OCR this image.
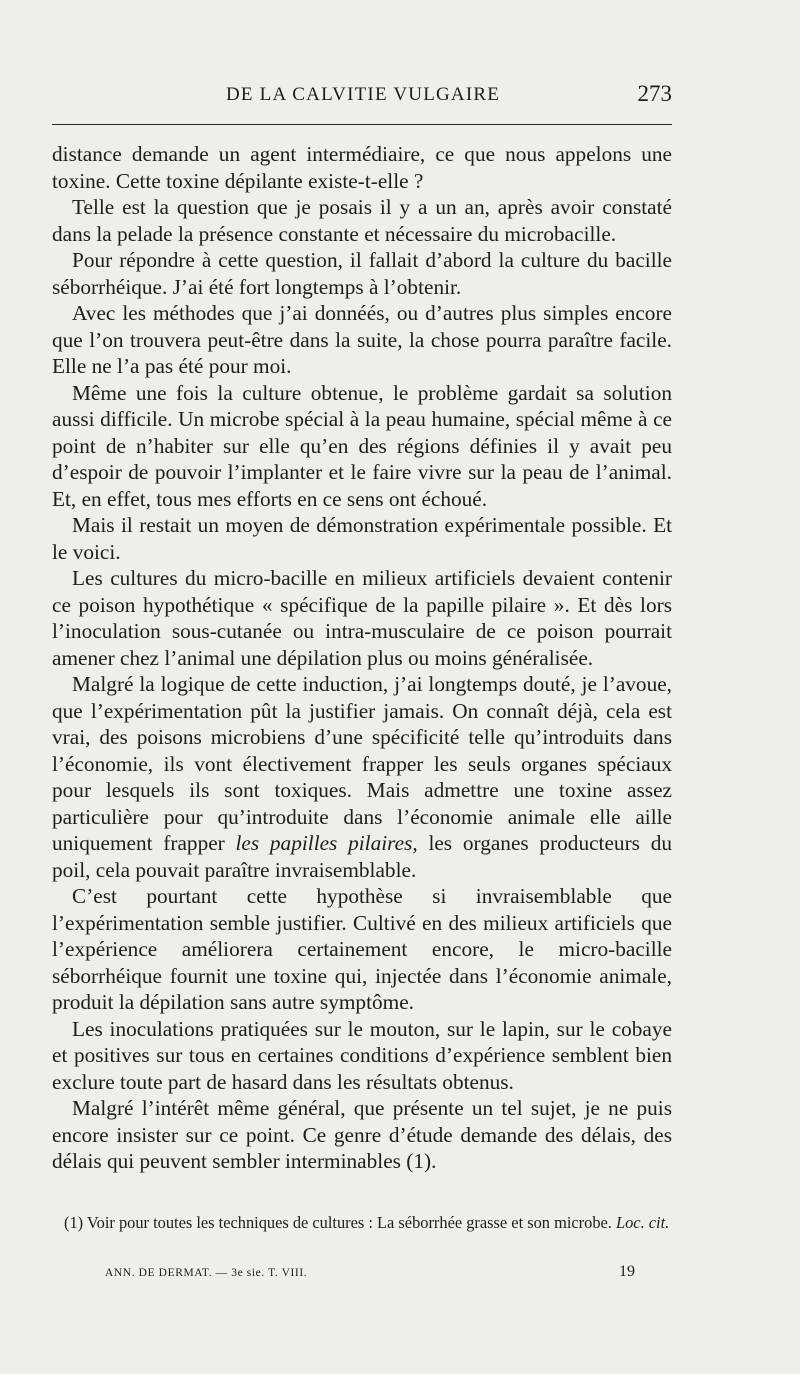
DE LA CALVITIE VULGAIRE	273

distance demande un agent intermédiaire, ce que nous appelons une toxine. Cette toxine dépilante existe-t-elle ?

Telle est la question que je posais il y a un an, après avoir constaté dans la pelade la présence constante et nécessaire du microbacille.

Pour répondre à cette question, il fallait d’abord la culture du bacille séborrhéique. J’ai été fort longtemps à l’obtenir.

Avec les méthodes que j’ai donnéés, ou d’autres plus simples encore que l’on trouvera peut-être dans la suite, la chose pourra paraître facile. Elle ne l’a pas été pour moi.

Même une fois la culture obtenue, le problème gardait sa solution aussi difficile. Un microbe spécial à la peau humaine, spécial même à ce point de n’habiter sur elle qu’en des régions définies il y avait peu d’espoir de pouvoir l’implanter et le faire vivre sur la peau de l’animal. Et, en effet, tous mes efforts en ce sens ont échoué.

Mais il restait un moyen de démonstration expérimentale possible. Et le voici.

Les cultures du micro-bacille en milieux artificiels devaient contenir ce poison hypothétique « spécifique de la papille pilaire ». Et dès lors l’inoculation sous-cutanée ou intra-musculaire de ce poison pourrait amener chez l’animal une dépilation plus ou moins généralisée.

Malgré la logique de cette induction, j’ai longtemps douté, je l’avoue, que l’expérimentation pût la justifier jamais. On connaît déjà, cela est vrai, des poisons microbiens d’une spécificité telle qu’introduits dans l’économie, ils vont électivement frapper les seuls organes spéciaux pour lesquels ils sont toxiques. Mais admettre une toxine assez particulière pour qu’introduite dans l’économie animale elle aille uniquement frapper les papilles pilaires, les organes producteurs du poil, cela pouvait paraître invraisemblable.

C’est pourtant cette hypothèse si invraisemblable que l’expérimentation semble justifier. Cultivé en des milieux artificiels que l’expérience améliorera certainement encore, le micro-bacille séborrhéique fournit une toxine qui, injectée dans l’économie animale, produit la dépilation sans autre symptôme.

Les inoculations pratiquées sur le mouton, sur le lapin, sur le cobaye et positives sur tous en certaines conditions d’expérience semblent bien exclure toute part de hasard dans les résultats obtenus.

Malgré l’intérêt même général, que présente un tel sujet, je ne puis encore insister sur ce point. Ce genre d’étude demande des délais, des délais qui peuvent sembler interminables (1).

(1) Voir pour toutes les techniques de cultures : La séborrhée grasse et son microbe. Loc. cit.
ANN. DE DERMAT. — 3e sie. T. VIII.	19
